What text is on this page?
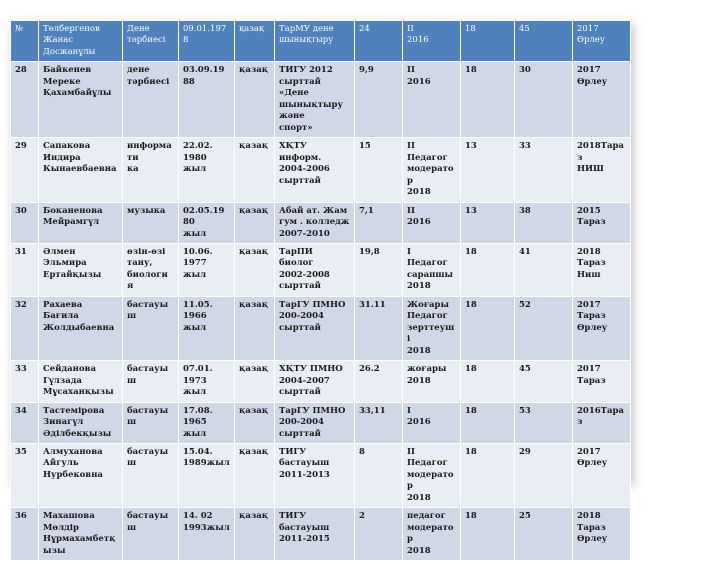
№	Төлбергенов
Жанас
Досжанұлы	Дене
тәрбиесі	09.01.1978	қазақ	ТарМУ дене
шынықтыру	24	II
2016	18	45	2017
Өрлеу

28	Байкенев Мереке
Қахамбайұлы	дене
тәрбиесі	03.09.1988	қазақ	ТИГУ 2012
сырттай «Дене
шынықтыру және
спорт»	9,9	II
2016	18	30	2017
Өрлеу

29	Сапакова Индира
Кынаевбаевна	информати
ка	22.02. 1980
жыл	қазақ	ХҚТУ информ.
2004-2006
сырттай	15	II
Педагог
модератор
2018	13	33	2018Тараз
НИШ

30	Боканенова
Мейрамгүл	музыка	02.05.1980
жыл	қазақ	Абай ат. Жам
гум . колледж
2007-2010	7,1	II
2016	13	38	2015 Тараз

31	Әлмен Эльмира
Ертайқызы	өзін-өзі
тану,
биология	10.06. 1977
жыл	қазақ	ТарПИ биолог
2002-2008
сырттай	19,8	I
Педагог
сарапшы
2018	18	41	2018
Тараз
Ниш

32	Рахаева Бағила
Жолдыбаевна	бастауыш	11.05. 1966
жыл	қазақ	ТарГУ ПМНО
200-2004 сырттай	31.11	Жоғары
Педагог
зерттеуші
2018	18	52	2017
Тараз
Өрлеу

33	Сейданова
Гүлзада
Мұсаханқызы	бастауыш	07.01. 1973
жыл	қазақ	ХҚТУ ПМНО
2004-2007
сырттай	26.2	жоғары
2018	18	45	2017
Тараз

34	Тастемірова
Зинагүл
Әділбекқызы	бастауыш	17.08. 1965
жыл	қазақ	ТарГУ ПМНО
200-2004
сырттай	33,11	I
2016	18	53	2016Тараз

35	Алмуханова
Айгуль
Нурбековна	бастауыш	15.04.
1989жыл	қазақ	ТИГУ бастауыш
2011-2013	8	II
Педагог
модератор
2018	18	29	2017 Өрлеу

36	Махашова Мөлдір
Нұрмахамбетқызы	бастауыш	14. 02
1993жыл	қазақ	ТИГУ бастауыш
2011-2015	2	педагог
модератор
2018	18	25	2018 Тараз
Өрлеу
